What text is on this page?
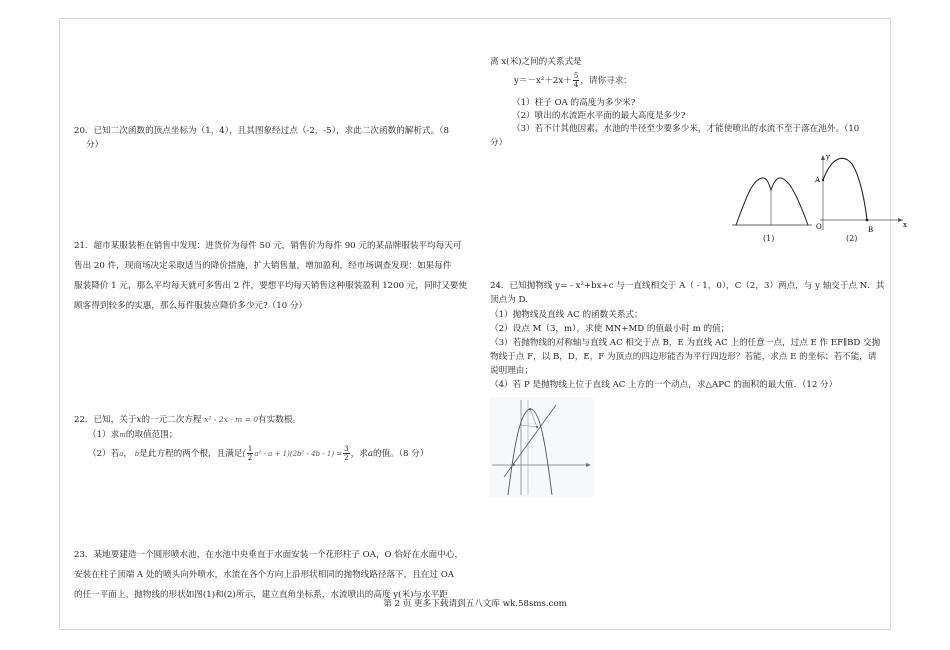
20．已知二次函数的顶点坐标为（1，4），且其图象经过点（-2，-5），求此二次函数的解析式。（8
分）
21．超市某服装柜在销售中发现：进货价为每件 50 元，销售价为每件 90 元的某品牌服装平均每天可
售出 20 件，现商场决定采取适当的降价措施，扩大销售量，增加盈利，经市场调查发现：如果每件
服装降价 1 元，那么平均每天就可多售出 2 件，要想平均每天销售这种服装盈利 1200 元，同时又要使
顾客得到较多的实惠，那么每件服装应降价多少元?（10 分）
22．已知，关于x的一元二次方程 x² - 2x - m = 0有实数根。
（1）求m的取值范围；
（2）若a， b是此方程的两个根，且满足( $\frac{1}{2} a^2 - a + 1)(2b^2 - 4b - 1) = \frac{3}{2}$ ，求a的值。（8 分）
23．某地要建造一个圆形喷水池，在水池中央垂直于水面安装一个花形柱子 OA，O 恰好在水面中心，
安装在柱子顶端 A 处的喷头向外喷水，水流在各个方向上沿形状相同的抛物线路径落下，且在过 OA
的任一平面上，抛物线的形状如图(1)和(2)所示，建立直角坐标系，水流喷出的高度 y(米)与水平距
离 x(米)之间的关系式是
$y=-x^2+2x+ \frac{5}{4}$ ，请你寻求：
（1）柱子 OA 的高度为多少米?
（2）喷出的水流距水平面的最大高度是多少?
（3）若不计其他因素，水池的半径至少要多少米，才能使喷出的水流不至于落在池外。（10
分）
(1)
A
B
O
y
x
(2)
24．已知抛物线 y= - x²+bx+c 与一直线相交于 A（ - 1，0），C（2，3）两点，与 y 轴交于点 N．其
顶点为 D.
（1）抛物线及直线 AC 的函数关系式；
（2）设点 M（3，m），求使 MN+MD 的值最小时 m 的值；
（3）若抛物线的对称轴与直线 AC 相交于点 B，E 为直线 AC 上的任意一点，过点 E 作 EF∥BD 交抛
物线于点 F，以 B，D，E，F 为顶点的四边形能否为平行四边形？若能，求点 E 的坐标；若不能，请
说明理由；
（4）若 P 是抛物线上位于直线 AC 上方的一个动点，求△APC 的面积的最大值．（12 分）
第 2 页 更多下载请到五八文库 wk.58sms.com
